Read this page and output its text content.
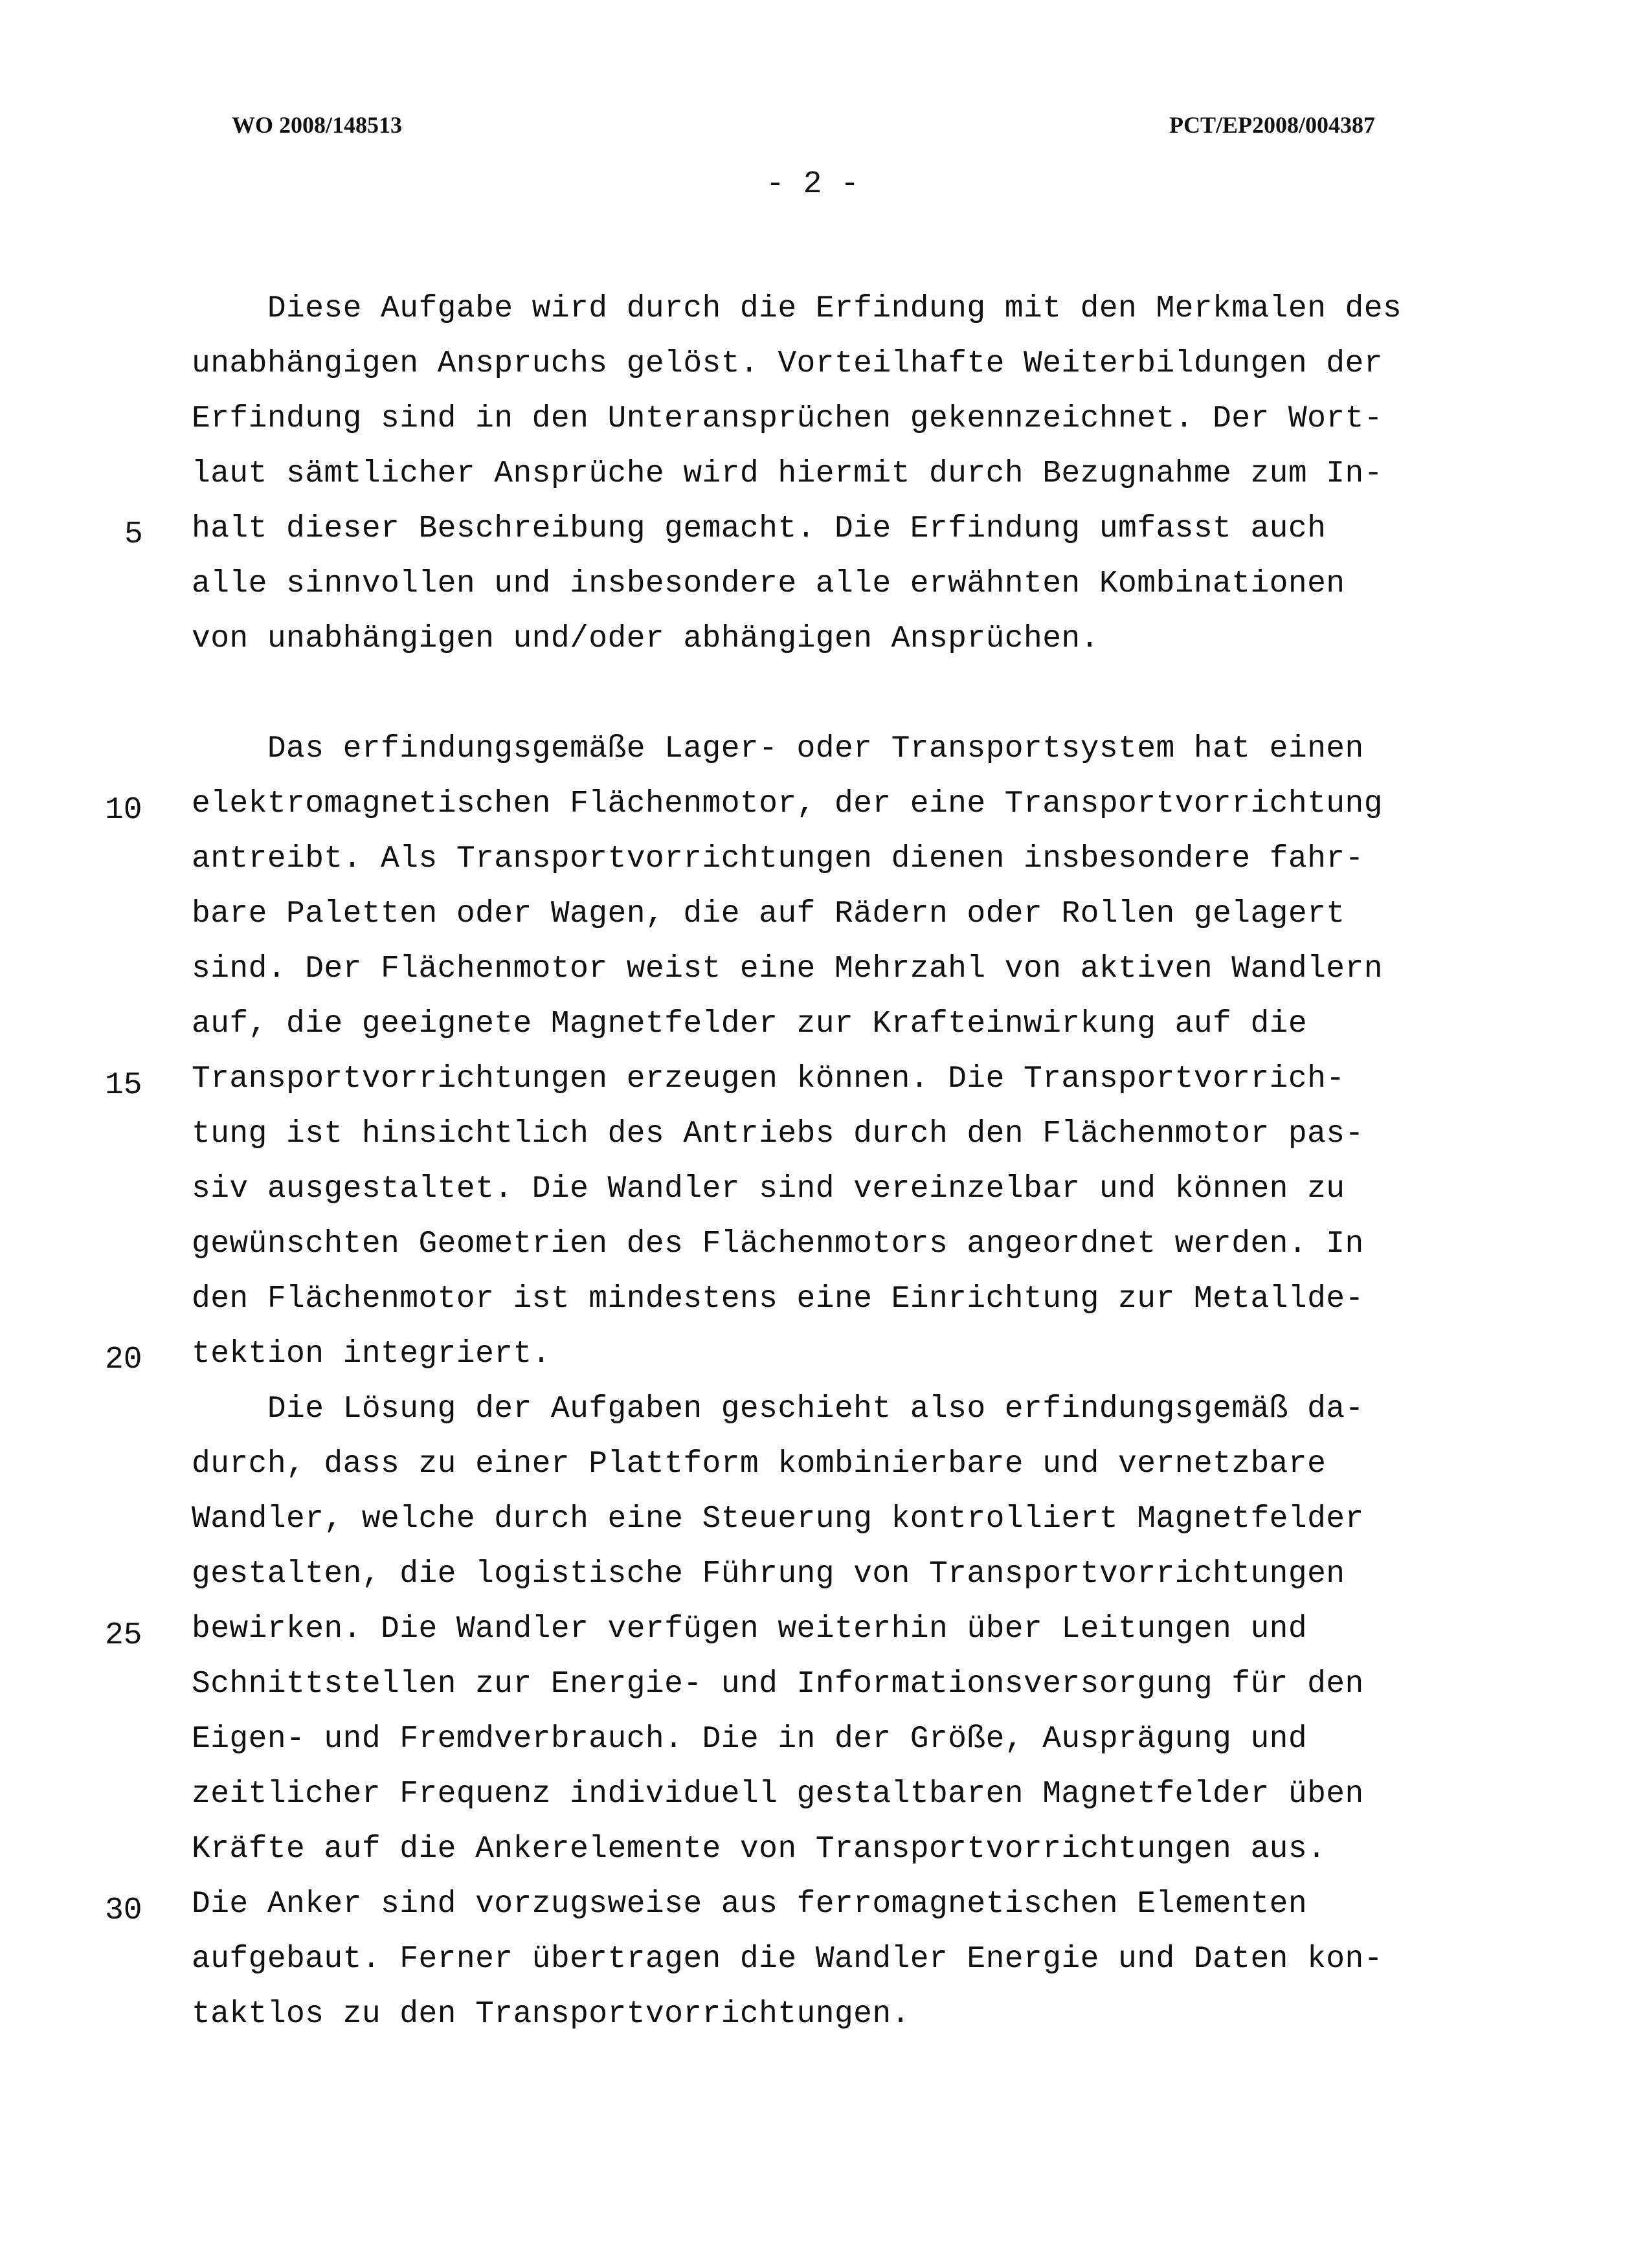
WO 2008/148513	PCT/EP2008/004387
- 2 -
5
10
15
20
25
30
Diese Aufgabe wird durch die Erfindung mit den Merkmalen des
unabhängigen Anspruchs gelöst. Vorteilhafte Weiterbildungen der
Erfindung sind in den Unteransprüchen gekennzeichnet. Der Wort-
laut sämtlicher Ansprüche wird hiermit durch Bezugnahme zum In-
halt dieser Beschreibung gemacht. Die Erfindung umfasst auch
alle sinnvollen und insbesondere alle erwähnten Kombinationen
von unabhängigen und/oder abhängigen Ansprüchen.
Das erfindungsgemäße Lager- oder Transportsystem hat einen
elektromagnetischen Flächenmotor, der eine Transportvorrichtung
antreibt. Als Transportvorrichtungen dienen insbesondere fahr-
bare Paletten oder Wagen, die auf Rädern oder Rollen gelagert
sind. Der Flächenmotor weist eine Mehrzahl von aktiven Wandlern
auf, die geeignete Magnetfelder zur Krafteinwirkung auf die
Transportvorrichtungen erzeugen können. Die Transportvorrich-
tung ist hinsichtlich des Antriebs durch den Flächenmotor pas-
siv ausgestaltet. Die Wandler sind vereinzelbar und können zu
gewünschten Geometrien des Flächenmotors angeordnet werden. In
den Flächenmotor ist mindestens eine Einrichtung zur Metallde-
tektion integriert.
Die Lösung der Aufgaben geschieht also erfindungsgemäß da-
durch, dass zu einer Plattform kombinierbare und vernetzbare
Wandler, welche durch eine Steuerung kontrolliert Magnetfelder
gestalten, die logistische Führung von Transportvorrichtungen
bewirken. Die Wandler verfügen weiterhin über Leitungen und
Schnittstellen zur Energie- und Informationsversorgung für den
Eigen- und Fremdverbrauch. Die in der Größe, Ausprägung und
zeitlicher Frequenz individuell gestaltbaren Magnetfelder üben
Kräfte auf die Ankerelemente von Transportvorrichtungen aus.
Die Anker sind vorzugsweise aus ferromagnetischen Elementen
aufgebaut. Ferner übertragen die Wandler Energie und Daten kon-
taktlos zu den Transportvorrichtungen.
